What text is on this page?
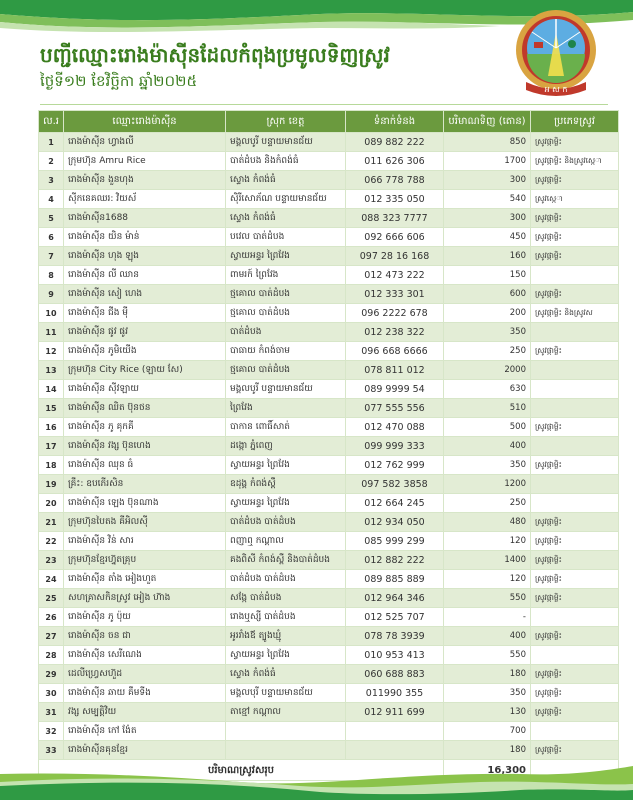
បញ្ជីឈ្មោះរោងម៉ាស៊ីនដែលកំពុងប្រមូលទិញស្រូវ
ថ្ងៃទី១២ ខែវិច្ឆិកា ឆ្នាំ២០២៥	អ ស ក
ល.រ	ឈ្មោះរោងម៉ាស៊ីន	ស្រុក ខេត្ត	ទំនាក់ទំនង	បរិមាណទិញ (តោន)	ប្រភេទស្រូវ
1	រោងម៉ាស៊ីន ហ្វាងលី	មង្គលបូរី បន្ទាយមានជ័យ	089 882 222	850	ស្រូវផ្កាម្លិះ
2	ក្រុមហ៊ុន Amru Rice	បាត់ដំបង និងកំពង់ធំ	011 626 306	1700	ស្រូវផ្កាម្លិះ និងស្រូវសេ្កា
3	រោងម៉ាស៊ីន ងួនហុង	ស្ទោង កំពង់ធំ	066 778 788	300	ស្រូវផ្កាម្លិះ
4	ស៊ីកនេគឈរ: វិយស័	ស៊ិរីសោភ័ណ បន្ទាយមានជ័យ	012 335 050	540	ស្រូវសេ្កា
5	រោងម៉ាស៊ីន1688	ស្ទោង កំពង់ធំ	088 323 7777	300	ស្រូវផ្កាម្លិះ
6	រោងម៉ាស៊ីន យិន ម៉ាន់	បវេល បាត់ដំបង	092 666 606	450	ស្រូវផ្កាម្លិះ
7	រោងម៉ាស៊ីន ហុង ឡុង	ស្វាយអន្ទរ ព្រៃវែង	097 28 16 168	160	ស្រូវផ្កាម្លិះ
8	រោងម៉ាស៊ីន លី ឈាន	ពាមរក៍ ព្រៃវែង	012 473 222	150	
9	រោងម៉ាស៊ីន សៀ ហេង	ថ្មគោល បាត់ដំបង	012 333 301	600	ស្រូវផ្កាម្លិះ
10	រោងម៉ាស៊ីន ជីង ម៉ី	ថ្មគោល បាត់ដំបង	096 2222 678	200	ស្រូវផ្កាម្លិះ និងស្រូវស
11	រោងម៉ាស៊ីន ផូវ ផូវ	បាត់ដំបង	012 238 322	350	
12	រោងម៉ាស៊ីន ភូមិយើង	បាធាយ កំពង់ចាម	096 668 6666	250	ស្រូវផ្កាម្លិះ
13	ក្រុមហ៊ុន City Rice (ឡាយ សែ)	ថ្មគោល បាត់ដំបង	078 811 012	2000	
14	រោងម៉ាស៊ីន ស៊ីវឡាយ	មង្គលបូរី បន្ទាយមានជ័យ	089 9999 54	630	
15	រោងម៉ាស៊ីន ឈិត ប៊ុនថន	ព្រៃវែង	077 555 556	510	
16	រោងម៉ាស៊ីន ភូ គុកគី	បាកាន ពោធិ៍សាត់	012 470 088	500	ស្រូវផ្កាម្លិះ
17	រោងម៉ាស៊ីន វង្ស ប៊ុនហេង	ដង្កោ ភ្នំពេញ	099 999 333	400	
18	រោងម៉ាស៊ីន ឈុន ធំ	ស្វាយអន្ទរ ព្រៃវែង	012 762 999	350	ស្រូវផ្កាម្លិះ
19	គ្រឹះ: ឧបភើរសិន	ឧដុង្គ កំពង់ស្ពឺ	097 582 3858	1200	
20	រោងម៉ាស៊ីន ឡេង ប៊ុនណាង	ស្វាយអន្ទរ ព្រៃវែង	012 664 245	250	
21	ក្រុមហ៊ុនបៃតង គីអិលស៊ី	បាត់ដំបង បាត់ដំបង	012 934 050	480	ស្រូវផ្កាម្លិះ
22	រោងម៉ាស៊ីន វិន់ សារ	ពញាឮ កណ្ដាល	085 999 299	120	ស្រូវផ្កាម្លិះ
23	ក្រុមហ៊ុនខ្មែរហ្វ៊ុតគ្រុប	គងពិសី កំពង់ស្ពឺ និងបាត់ដំបង	012 882 222	1400	ស្រូវផ្កាម្លិះ
24	រោងម៉ាស៊ីន តាំង អៀងហួត	បាត់ដំបង បាត់ដំបង	089 885 889	120	ស្រូវផ្កាម្លិះ
25	សហគ្រាសកិនស្រូវ អៀង ហ៊ាង	សង្កែ បាត់ដំបង	012 964 346	550	ស្រូវផ្កាម្លិះ
26	រោងម៉ាស៊ីន ភូ ប៉ុយ	រោងឬស្សី បាត់ដំបង	012 525 707	-	
27	រោងម៉ាស៊ីន ចន ជា	អូររាំងឪ ត្បូងឃ្មុំ	078 78 3939	400	ស្រូវផ្កាម្លិះ
28	រោងម៉ាស៊ីន សេរីណេង	ស្វាយអន្ទរ ព្រៃវែង	010 953 413	550	
29	ដេលីហ្វ្រេសហ៊ួដ	ស្ទោង កំពង់ធំ	060 688 883	180	ស្រូវផ្កាម្លិះ
30	រោងម៉ាស៊ីន ឆាយ គឹមទីង	មង្គលបុរី បន្ទាយមានជ័យ	011990 355	350	ស្រូវផ្កាម្លិះ
31	វង្ស សម្បត្តិវិយ	តាខ្មៅ កណ្ដាល	012 911 699	130	ស្រូវផ្កាម្លិះ
32	រោងម៉ាស៊ីន កៅ ង៉ែត			700	
33	រោងម៉ាស៊ីនគុនខ្មែរ			180	ស្រូវផ្កាម្លិះ
បរិមាណស្រូវសរុប				16,300	
